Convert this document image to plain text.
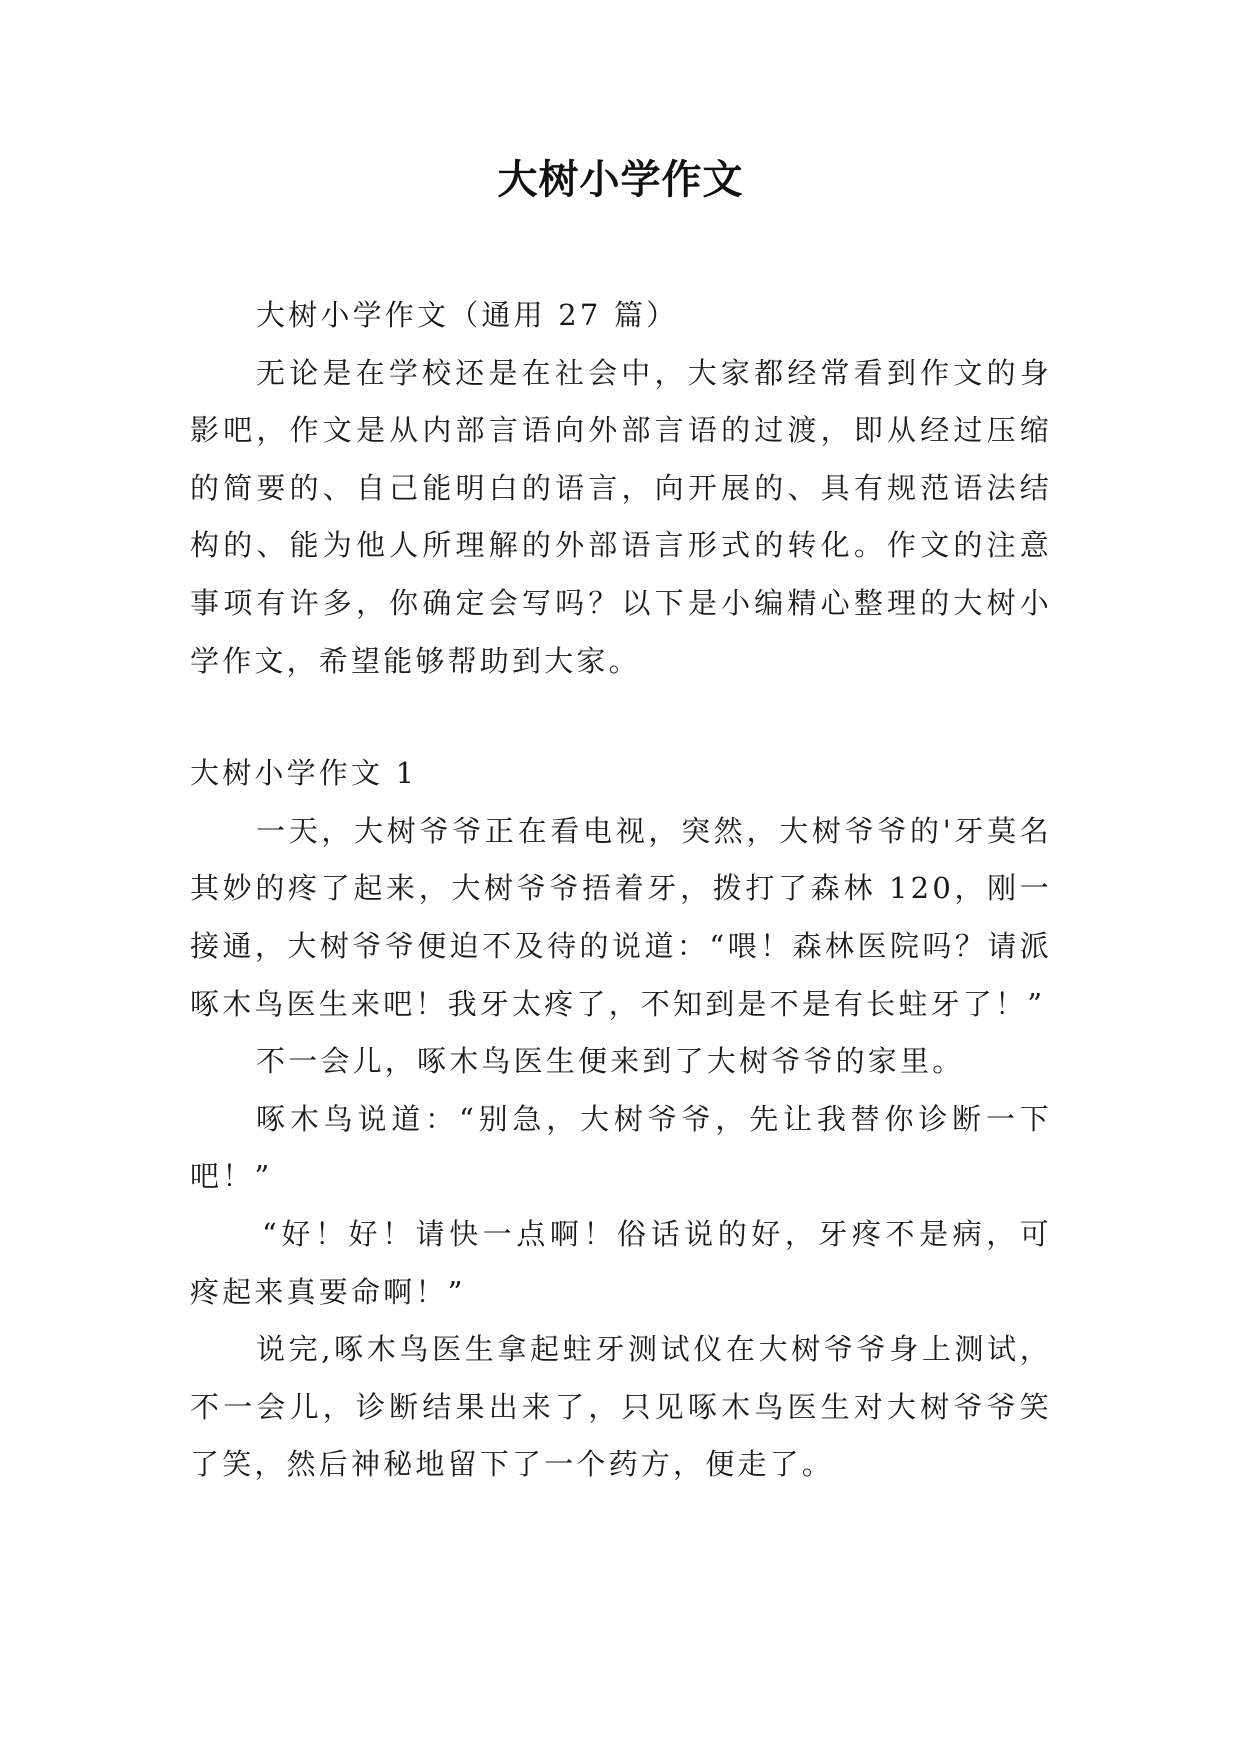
大树小学作文

大树小学作文（通用 27 篇）

无论是在学校还是在社会中，大家都经常看到作文的身影吧，作文是从内部言语向外部言语的过渡，即从经过压缩的简要的、自己能明白的语言，向开展的、具有规范语法结构的、能为他人所理解的外部语言形式的转化。作文的注意事项有许多，你确定会写吗？以下是小编精心整理的大树小学作文，希望能够帮助到大家。

大树小学作文 1

一天，大树爷爷正在看电视，突然，大树爷爷的'牙莫名其妙的疼了起来，大树爷爷捂着牙，拨打了森林 120，刚一接通，大树爷爷便迫不及待的说道：“喂！森林医院吗？请派啄木鸟医生来吧！我牙太疼了，不知到是不是有长蛀牙了！”

不一会儿，啄木鸟医生便来到了大树爷爷的家里。

啄木鸟说道：“别急，大树爷爷，先让我替你诊断一下吧！”

“好！好！请快一点啊！俗话说的好，牙疼不是病，可疼起来真要命啊！”

说完,啄木鸟医生拿起蛀牙测试仪在大树爷爷身上测试，不一会儿，诊断结果出来了，只见啄木鸟医生对大树爷爷笑了笑，然后神秘地留下了一个药方，便走了。
